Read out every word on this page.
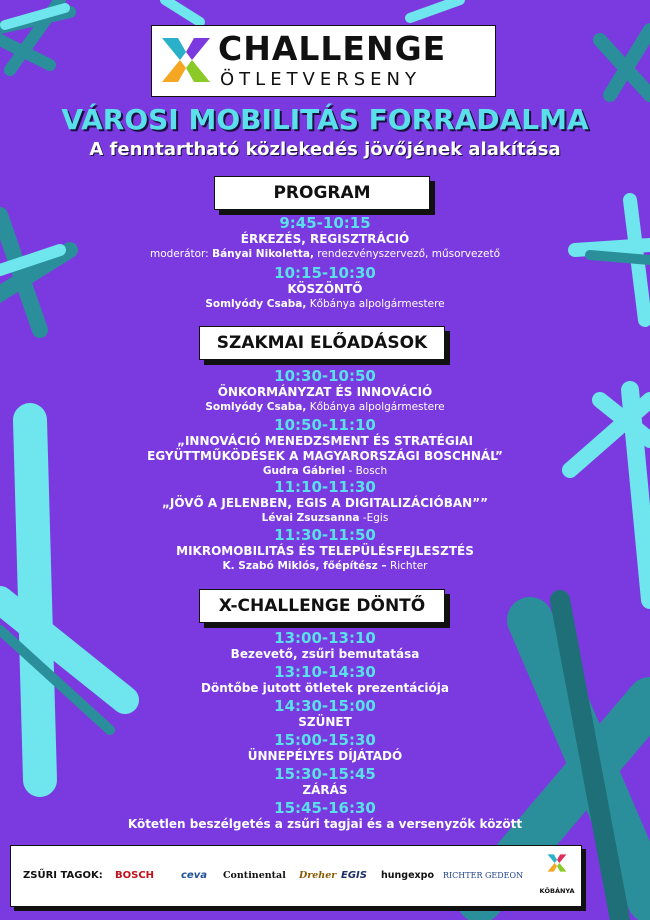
CHALLENGE
ÖTLETVERSENY
VÁROSI MOBILITÁS FORRADALMA
A fenntartható közlekedés jövőjének alakítása
PROGRAM
9:45-10:15
ÉRKEZÉS, REGISZTRÁCIÓ
moderátor: Bányai Nikoletta, rendezvényszervező, műsorvezető
10:15-10:30
KÖSZÖNTŐ
Somlyódy Csaba, Kőbánya alpolgármestere
SZAKMAI ELŐADÁSOK
10:30-10:50
ÖNKORMÁNYZAT ÉS INNOVÁCIÓ
Somlyódy Csaba, Kőbánya alpolgármestere
10:50-11:10
„INNOVÁCIÓ MENEDZSMENT ÉS STRATÉGIAI
EGYÜTTMŰKÖDÉSEK A MAGYARORSZÁGI BOSCHNÁL”
Gudra Gábriel - Bosch
11:10-11:30
„JÖVŐ A JELENBEN, EGIS A DIGITALIZÁCIÓBAN””
Lévai Zsuzsanna -Egis
11:30-11:50
MIKROMOBILITÁS ÉS TELEPÜLÉSFEJLESZTÉS
K. Szabó Miklós, főépítész – Richter
X-CHALLENGE DÖNTŐ
13:00-13:10
Bezevető, zsűri bemutatása
13:10-14:30
Döntőbe jutott ötletek prezentációja
14:30-15:00
SZÜNET
15:00-15:30
ÜNNEPÉLYES DÍJÁTADÓ
15:30-15:45
ZÁRÁS
15:45-16:30
Kötetlen beszélgetés a zsűri tagjai és a versenyzők között
ZSŰRI TAGOK: BOSCH	ceva Continental Dreher EGIS hungexpo RICHTER GEDEON
KŐBÁNYA
